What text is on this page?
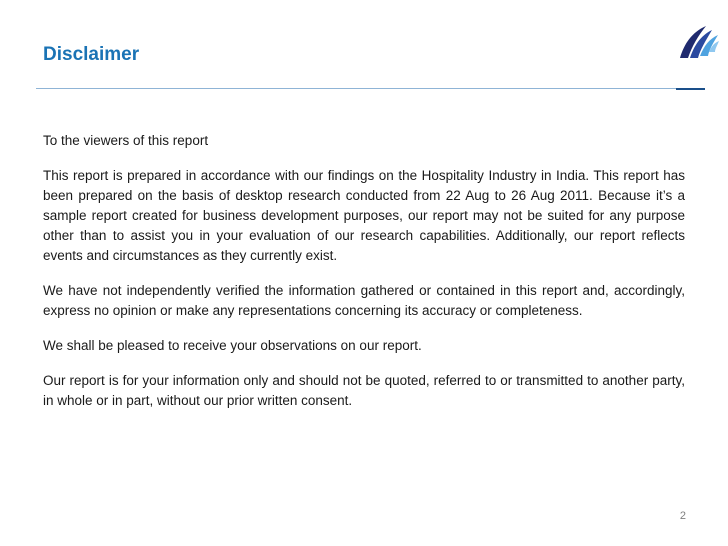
Disclaimer

To the viewers of this report

This report is prepared in accordance with our findings on the Hospitality Industry in India. This report has been prepared on the basis of desktop research conducted from 22 Aug to 26 Aug 2011. Because it’s a sample report created for business development purposes, our report may not be suited for any purpose other than to assist you in your evaluation of our research capabilities. Additionally, our report reflects events and circumstances as they currently exist.

We have not independently verified the information gathered or contained in this report and, accordingly, express no opinion or make any representations concerning its accuracy or completeness.

We shall be pleased to receive your observations on our report.

Our report is for your information only and should not be quoted, referred to or transmitted to another party, in whole or in part, without our prior written consent.

2
